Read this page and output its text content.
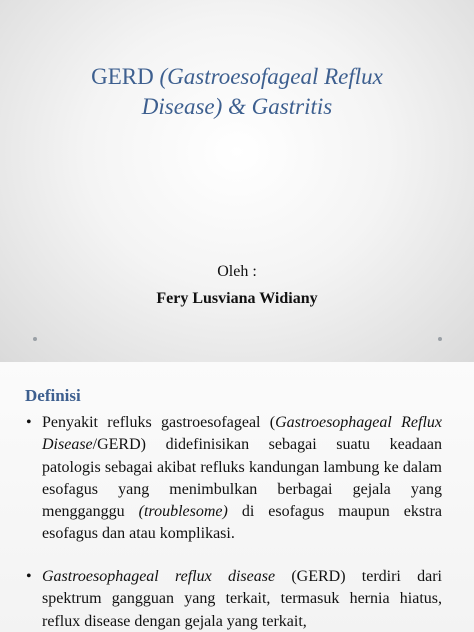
GERD (Gastroesofageal Reflux
Disease) & Gastritis
Oleh :
Fery Lusviana Widiany
Definisi
• Penyakit refluks gastroesofageal (Gastroesophageal Reflux Disease/GERD) didefinisikan sebagai suatu keadaan patologis sebagai akibat refluks kandungan lambung ke dalam esofagus yang menimbulkan berbagai gejala yang mengganggu (troublesome) di esofagus maupun ekstra esofagus dan atau komplikasi.
• Gastroesophageal reflux disease (GERD) terdiri dari spektrum gangguan yang terkait, termasuk hernia hiatus, reflux disease dengan gejala yang terkait,
